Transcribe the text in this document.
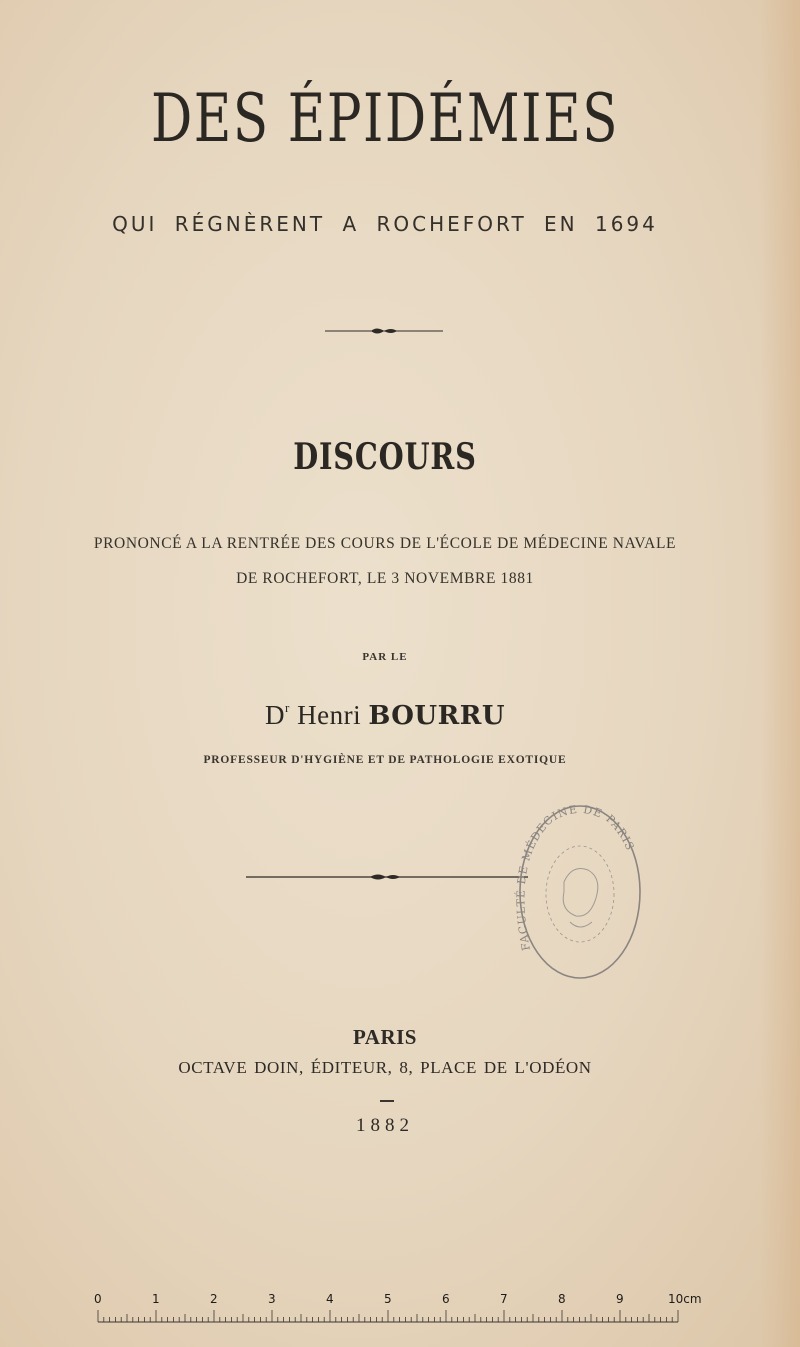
DES ÉPIDÉMIES
QUI RÉGNÈRENT A ROCHEFORT EN 1694
DISCOURS
PRONONCÉ A LA RENTRÉE DES COURS DE L'ÉCOLE DE MÉDECINE NAVALE
DE ROCHEFORT, LE 3 NOVEMBRE 1881
PAR LE
$D^r$ Henri BOURRU
PROFESSEUR D'HYGIÈNE ET DE PATHOLOGIE EXOTIQUE
FACULTÉ DE MÉDECINE DE PARIS
PARIS
OCTAVE DOIN, ÉDITEUR, 8, PLACE DE L'ODÉON
1882
0	1	2	3	4	5	6	7	8	9	10cm
